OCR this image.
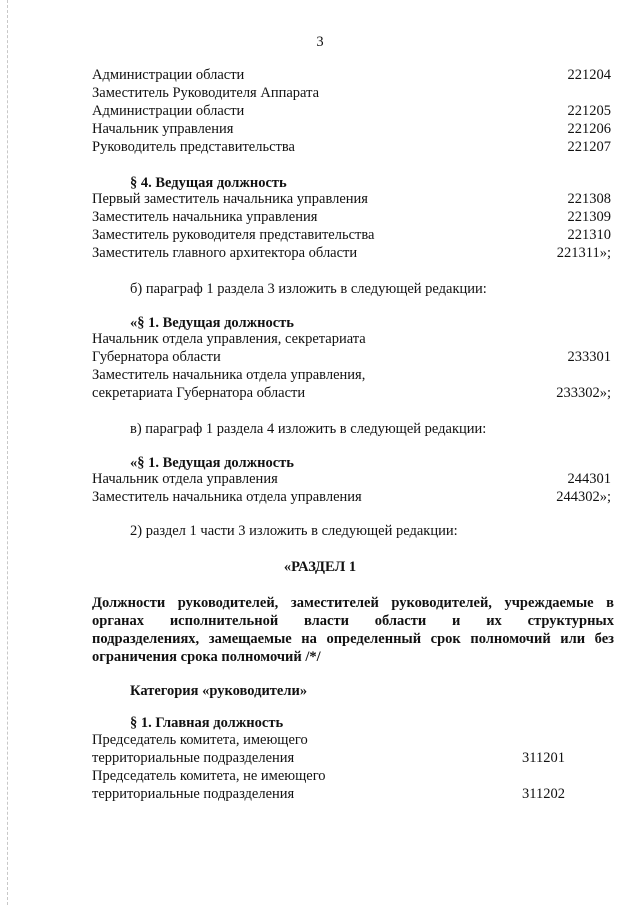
3
Администрации области	221204
Заместитель Руководителя Аппарата
Администрации области	221205
Начальник управления	221206
Руководитель представительства	221207
§ 4. Ведущая должность
Первый заместитель начальника управления	221308
Заместитель начальника управления	221309
Заместитель руководителя представительства	221310
Заместитель главного архитектора области	221311»;
б) параграф 1 раздела 3 изложить в следующей редакции:
«§ 1. Ведущая должность
Начальник отдела управления, секретариата
Губернатора области	233301
Заместитель начальника отдела управления,
секретариата Губернатора области	233302»;
в) параграф 1 раздела 4 изложить в следующей редакции:
«§ 1. Ведущая должность
Начальник отдела управления	244301
Заместитель начальника отдела управления	244302»;
2) раздел 1 части 3 изложить в следующей редакции:
«РАЗДЕЛ 1
Должности руководителей, заместителей руководителей, учреждаемые в
органах исполнительной власти области и их структурных
подразделениях, замещаемые на определенный срок полномочий или без
ограничения срока полномочий /*/
Категория «руководители»
§ 1. Главная должность
Председатель комитета, имеющего
территориальные подразделения	311201
Председатель комитета, не имеющего
территориальные подразделения	311202
